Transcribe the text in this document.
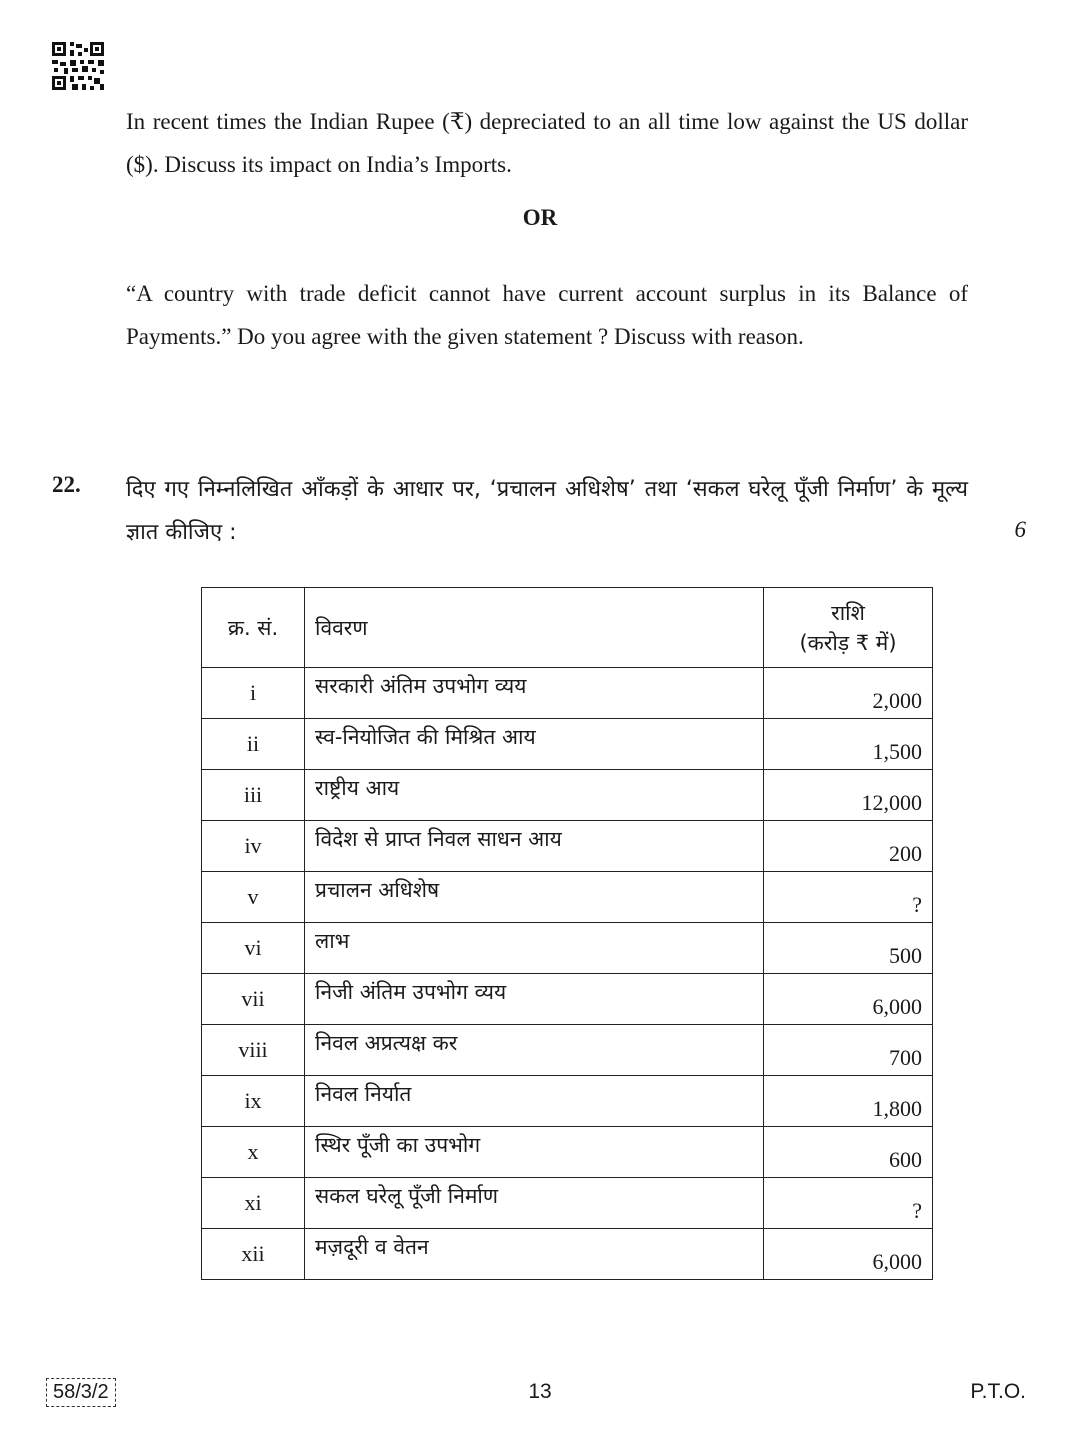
In recent times the Indian Rupee (₹) depreciated to an all time low against the US dollar ($). Discuss its impact on India’s Imports.
OR
“A country with trade deficit cannot have current account surplus in its Balance of Payments.” Do you agree with the given statement ? Discuss with reason.
22. दिए गए निम्नलिखित आँकड़ों के आधार पर, ‘प्रचालन अधिशेष’ तथा ‘सकल घरेलू पूँजी निर्माण’ के मूल्य ज्ञात कीजिए :	6
क्र. सं.	विवरण	राशि
(करोड़ ₹ में)

i	सरकारी अंतिम उपभोग व्यय	2,000
ii	स्व-नियोजित की मिश्रित आय	1,500
iii	राष्ट्रीय आय	12,000
iv	विदेश से प्राप्त निवल साधन आय	200
v	प्रचालन अधिशेष	?
vi	लाभ	500
vii	निजी अंतिम उपभोग व्यय	6,000
viii	निवल अप्रत्यक्ष कर	700
ix	निवल निर्यात	1,800
x	स्थिर पूँजी का उपभोग	600
xi	सकल घरेलू पूँजी निर्माण	?
xii	मज़दूरी व वेतन	6,000
58/3/2	13	P.T.O.
